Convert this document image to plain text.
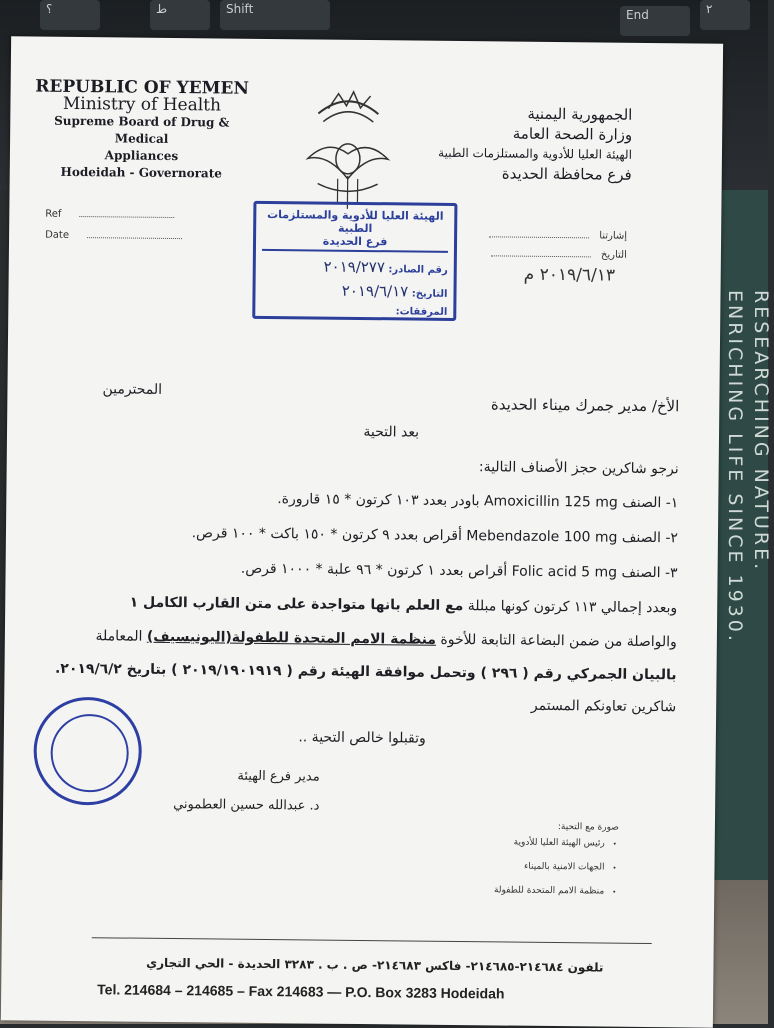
Shift	End
ط	٢
؟
RESEARCHING NATURE.
ENRICHING LIFE SINCE 1930.
REPUBLIC OF YEMEN
Ministry of Health
Supreme Board of Drug & Medical
Appliances
Hodeidah - Governorate
الجمهورية اليمنية
وزارة الصحة العامة
الهيئة العليا للأدوية والمستلزمات الطبية
فرع محافظة الحديدة
Ref
Date	إشارتنا
التاريخ
٢٠١٩/٦/١٣ م
الهيئة العليا للأدوية والمستلزمات الطبية
فرع الحديدة
رقم الصادر: ٢٠١٩/٢٧٧
التاريخ: ٢٠١٩/٦/١٧
المرفقات:
المحترمين
الأخ/ مدير جمرك ميناء الحديدة
بعد التحية
نرجو شاكرين حجز الأصناف التالية:
١- الصنف Amoxicillin 125 mg باودر بعدد ١٠٣ كرتون * ١٥ قارورة.
٢- الصنف Mebendazole 100 mg أقراص بعدد ٩ كرتون * ١٥٠ باكت * ١٠٠ قرص.
٣- الصنف Folic acid 5 mg أقراص بعدد ١ كرتون * ٩٦ علبة * ١٠٠٠ قرص.
وبعدد إجمالي ١١٣ كرتون كونها مبللة مع العلم بانها متواجدة على متن القارب الكامل ١
والواصلة من ضمن البضاعة التابعة للأخوة منظمة الامم المتحدة للطفولة(اليونيسيف) المعاملة
بالبيان الجمركي رقم ( ٢٩٦ ) وتحمل موافقة الهيئة رقم ( ٢٠١٩/١٩٠١٩١٩ ) بتاريخ ٢٠١٩/٦/٢.
شاكرين تعاونكم المستمر
وتقبلوا خالص التحية ..
مدير فرع الهيئة
د. عبدالله حسين العطموني
صورة مع التحية:
• رئيس الهيئة العليا للأدوية
• الجهات الامنية بالميناء
• منظمة الامم المتحدة للطفولة
تلفون ٢١٤٦٨٤-٢١٤٦٨٥- فاكس ٢١٤٦٨٣- ص . ب . ٣٢٨٣ الحديدة - الحي التجاري
Tel. 214684 – 214685 – Fax 214683 — P.O. Box 3283 Hodeidah
